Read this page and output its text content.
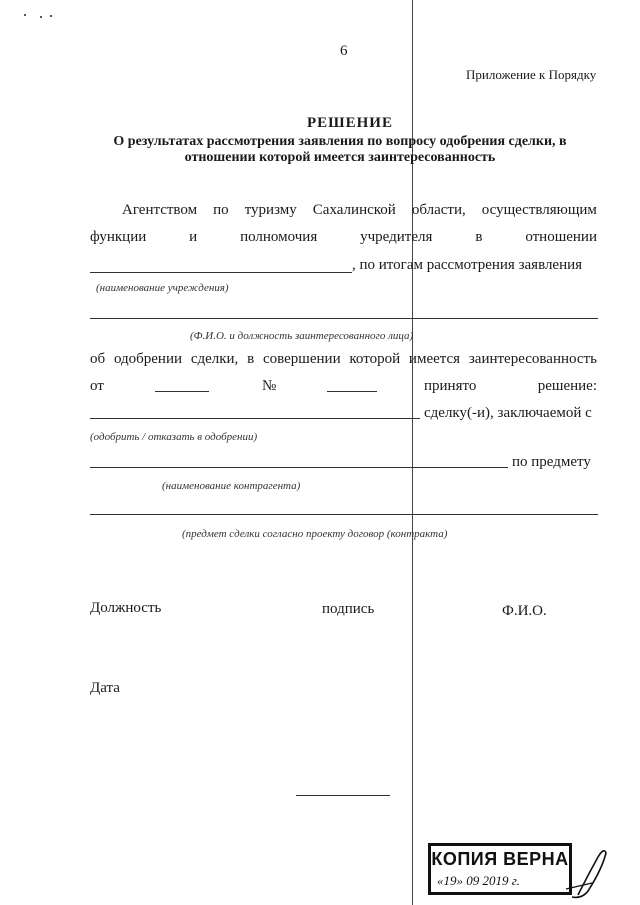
6
Приложение к Порядку
РЕШЕНИЕ
О результатах рассмотрения заявления по вопросу одобрения сделки, в
отношении которой имеется заинтересованность
Агентством по туризму Сахалинской области, осуществляющим
функции	и	полномочия	учредителя	в	отношении
, по итогам рассмотрения заявления
(наименование учреждения)
(Ф.И.О. и должность заинтересованного лица)
об одобрении сделки, в совершении которой имеется заинтересованность
от	№	принято	решение:
сделку(-и), заключаемой с
(одобрить / отказать в одобрении)
по предмету
(наименование контрагента)
(предмет сделки согласно проекту договор (контракта)
Должность	подпись	Ф.И.О.
Дата
КОПИЯ ВЕРНА
«19» 09 2019 г.
